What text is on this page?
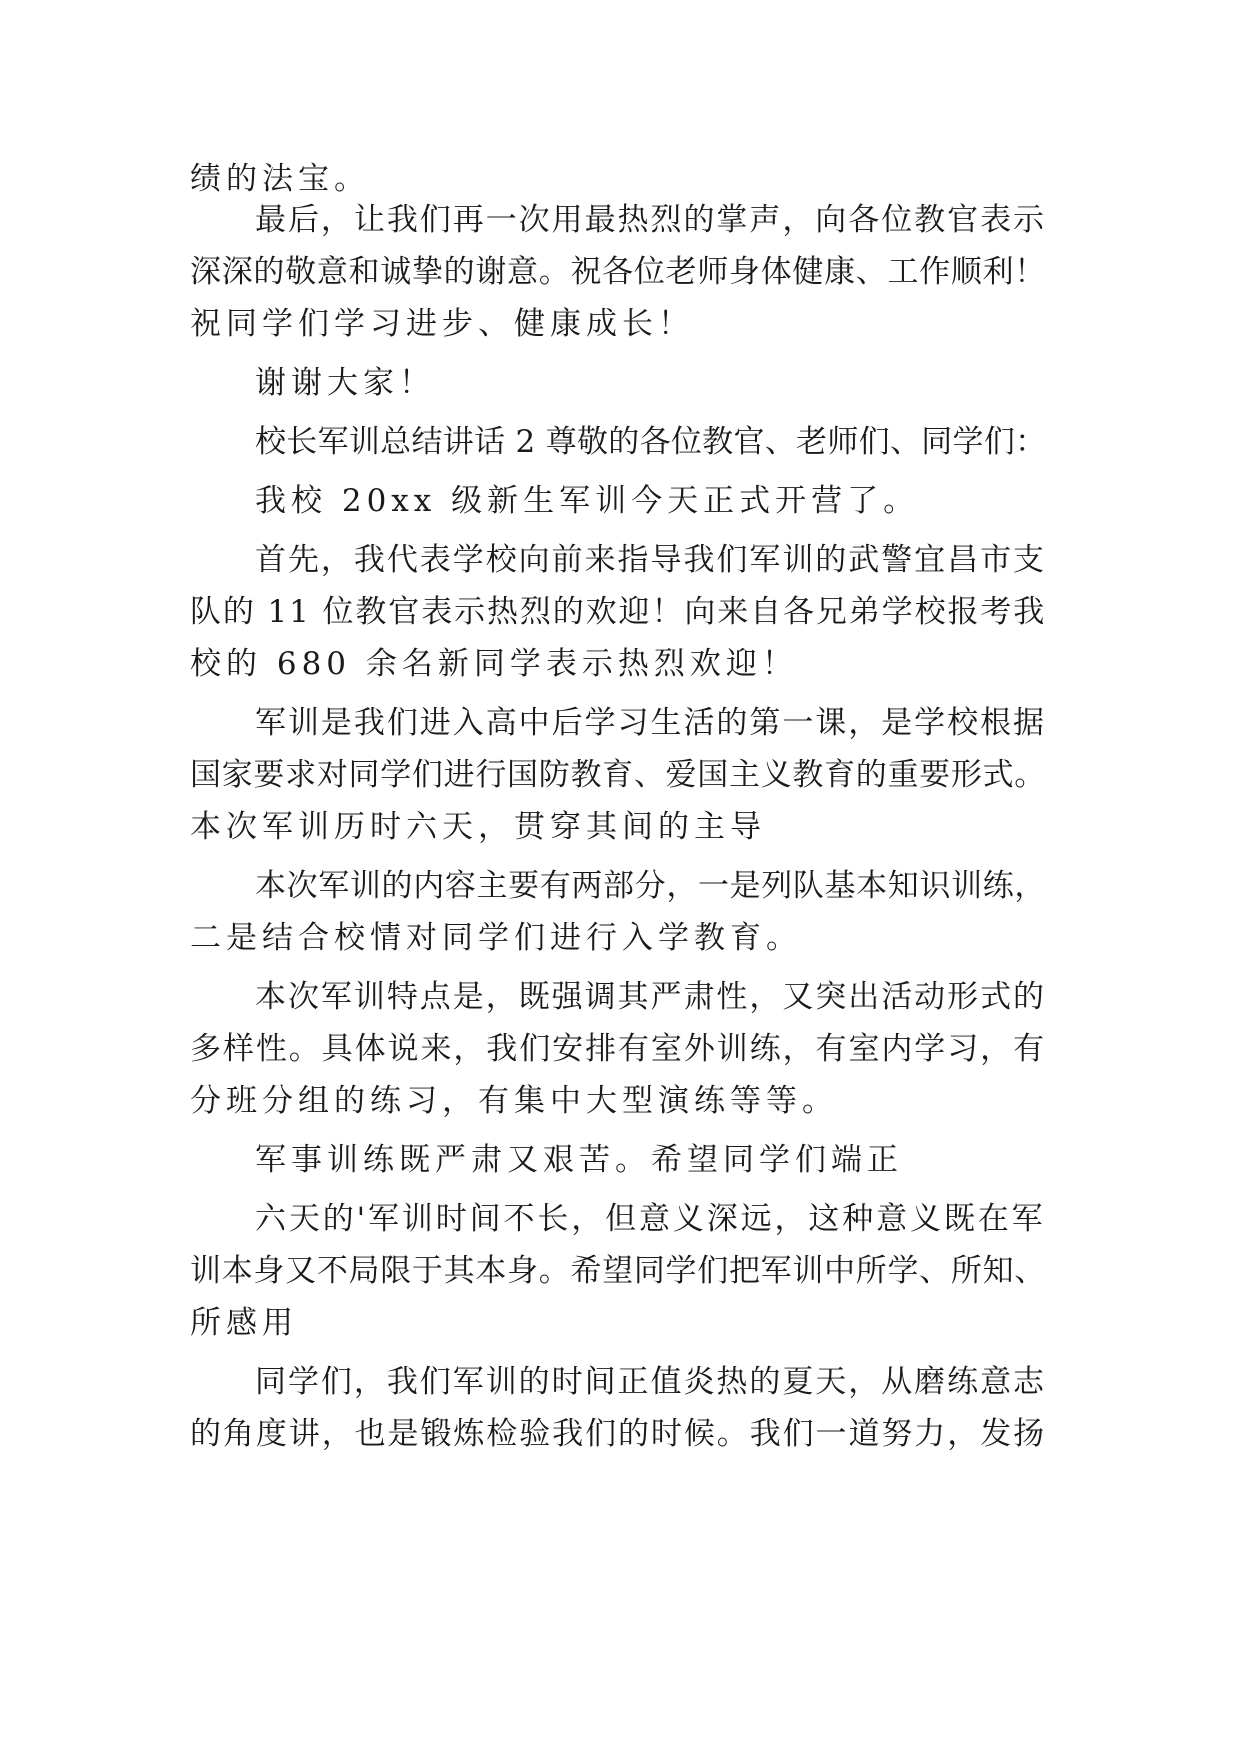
绩的法宝。
最后，让我们再一次用最热烈的掌声，向各位教官表示
深深的敬意和诚挚的谢意。祝各位老师身体健康、工作顺利！
祝同学们学习进步、健康成长！
谢谢大家！
校长军训总结讲话 2 尊敬的各位教官、老师们、同学们：
我校 20xx 级新生军训今天正式开营了。
首先，我代表学校向前来指导我们军训的武警宜昌市支
队的 11 位教官表示热烈的欢迎！向来自各兄弟学校报考我
校的 680 余名新同学表示热烈欢迎！
军训是我们进入高中后学习生活的第一课，是学校根据
国家要求对同学们进行国防教育、爱国主义教育的重要形式。
本次军训历时六天，贯穿其间的主导
本次军训的内容主要有两部分，一是列队基本知识训练，
二是结合校情对同学们进行入学教育。
本次军训特点是，既强调其严肃性，又突出活动形式的
多样性。具体说来，我们安排有室外训练，有室内学习，有
分班分组的练习，有集中大型演练等等。
军事训练既严肃又艰苦。希望同学们端正
六天的'军训时间不长，但意义深远，这种意义既在军
训本身又不局限于其本身。希望同学们把军训中所学、所知、
所感用
同学们，我们军训的时间正值炎热的夏天，从磨练意志
的角度讲，也是锻炼检验我们的时候。我们一道努力，发扬
